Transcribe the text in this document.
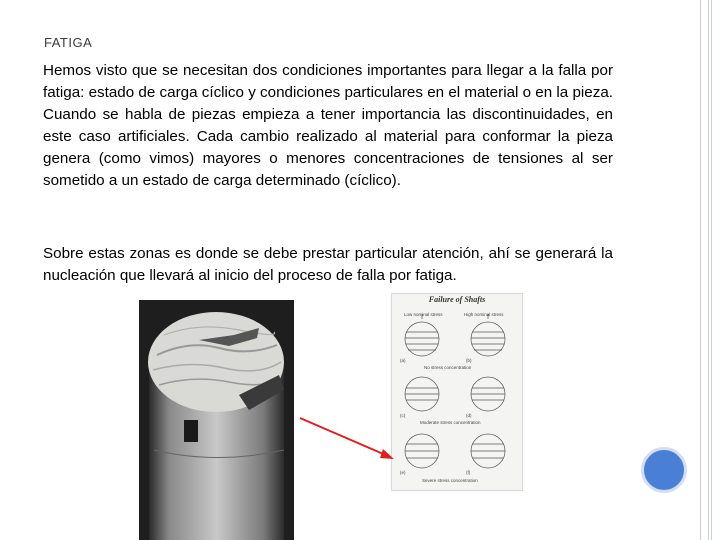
FATIGA

Hemos visto que se necesitan dos condiciones importantes para llegar a la falla por fatiga: estado de carga cíclico y condiciones particulares en el material o en la pieza. Cuando se habla de piezas empieza a tener importancia las discontinuidades, en este caso artificiales. Cada cambio realizado al material para conformar la pieza genera (como vimos) mayores o menores concentraciones de tensiones al ser sometido a un estado de carga determinado (cíclico).

Sobre estas zonas es donde se debe prestar particular atención, ahí se generará la nucleación que llevará al inicio del proceso de falla por fatiga.

Failure of Shafts
Low nominal stress	High nominal stress
(a)	(b)
No stress concentration
(c)	(d)
Moderate stress concentration
(e)	(f)
Severe stress concentration
